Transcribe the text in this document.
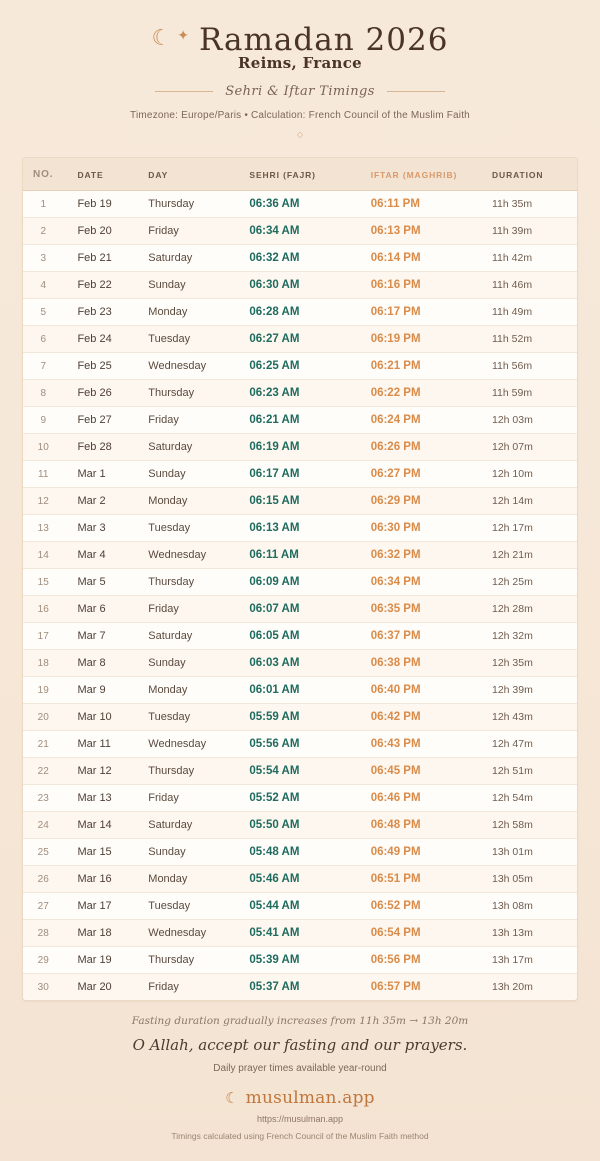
☾ ✦ Ramadan 2026
Reims, France
Sehri & Iftar Timings
Timezone: Europe/Paris • Calculation: French Council of the Muslim Faith
◇
NO.	DATE	DAY	SEHRI (FAJR)	IFTAR (MAGHRIB)	DURATION
1	Feb 19	Thursday	06:36 AM	06:11 PM	11h 35m
2	Feb 20	Friday	06:34 AM	06:13 PM	11h 39m
3	Feb 21	Saturday	06:32 AM	06:14 PM	11h 42m
4	Feb 22	Sunday	06:30 AM	06:16 PM	11h 46m
5	Feb 23	Monday	06:28 AM	06:17 PM	11h 49m
6	Feb 24	Tuesday	06:27 AM	06:19 PM	11h 52m
7	Feb 25	Wednesday	06:25 AM	06:21 PM	11h 56m
8	Feb 26	Thursday	06:23 AM	06:22 PM	11h 59m
9	Feb 27	Friday	06:21 AM	06:24 PM	12h 03m
10	Feb 28	Saturday	06:19 AM	06:26 PM	12h 07m
11	Mar 1	Sunday	06:17 AM	06:27 PM	12h 10m
12	Mar 2	Monday	06:15 AM	06:29 PM	12h 14m
13	Mar 3	Tuesday	06:13 AM	06:30 PM	12h 17m
14	Mar 4	Wednesday	06:11 AM	06:32 PM	12h 21m
15	Mar 5	Thursday	06:09 AM	06:34 PM	12h 25m
16	Mar 6	Friday	06:07 AM	06:35 PM	12h 28m
17	Mar 7	Saturday	06:05 AM	06:37 PM	12h 32m
18	Mar 8	Sunday	06:03 AM	06:38 PM	12h 35m
19	Mar 9	Monday	06:01 AM	06:40 PM	12h 39m
20	Mar 10	Tuesday	05:59 AM	06:42 PM	12h 43m
21	Mar 11	Wednesday	05:56 AM	06:43 PM	12h 47m
22	Mar 12	Thursday	05:54 AM	06:45 PM	12h 51m
23	Mar 13	Friday	05:52 AM	06:46 PM	12h 54m
24	Mar 14	Saturday	05:50 AM	06:48 PM	12h 58m
25	Mar 15	Sunday	05:48 AM	06:49 PM	13h 01m
26	Mar 16	Monday	05:46 AM	06:51 PM	13h 05m
27	Mar 17	Tuesday	05:44 AM	06:52 PM	13h 08m
28	Mar 18	Wednesday	05:41 AM	06:54 PM	13h 13m
29	Mar 19	Thursday	05:39 AM	06:56 PM	13h 17m
30	Mar 20	Friday	05:37 AM	06:57 PM	13h 20m
Fasting duration gradually increases from 11h 35m → 13h 20m
O Allah, accept our fasting and our prayers.
Daily prayer times available year-round
☾ musulman.app
https://musulman.app
Timings calculated using French Council of the Muslim Faith method
